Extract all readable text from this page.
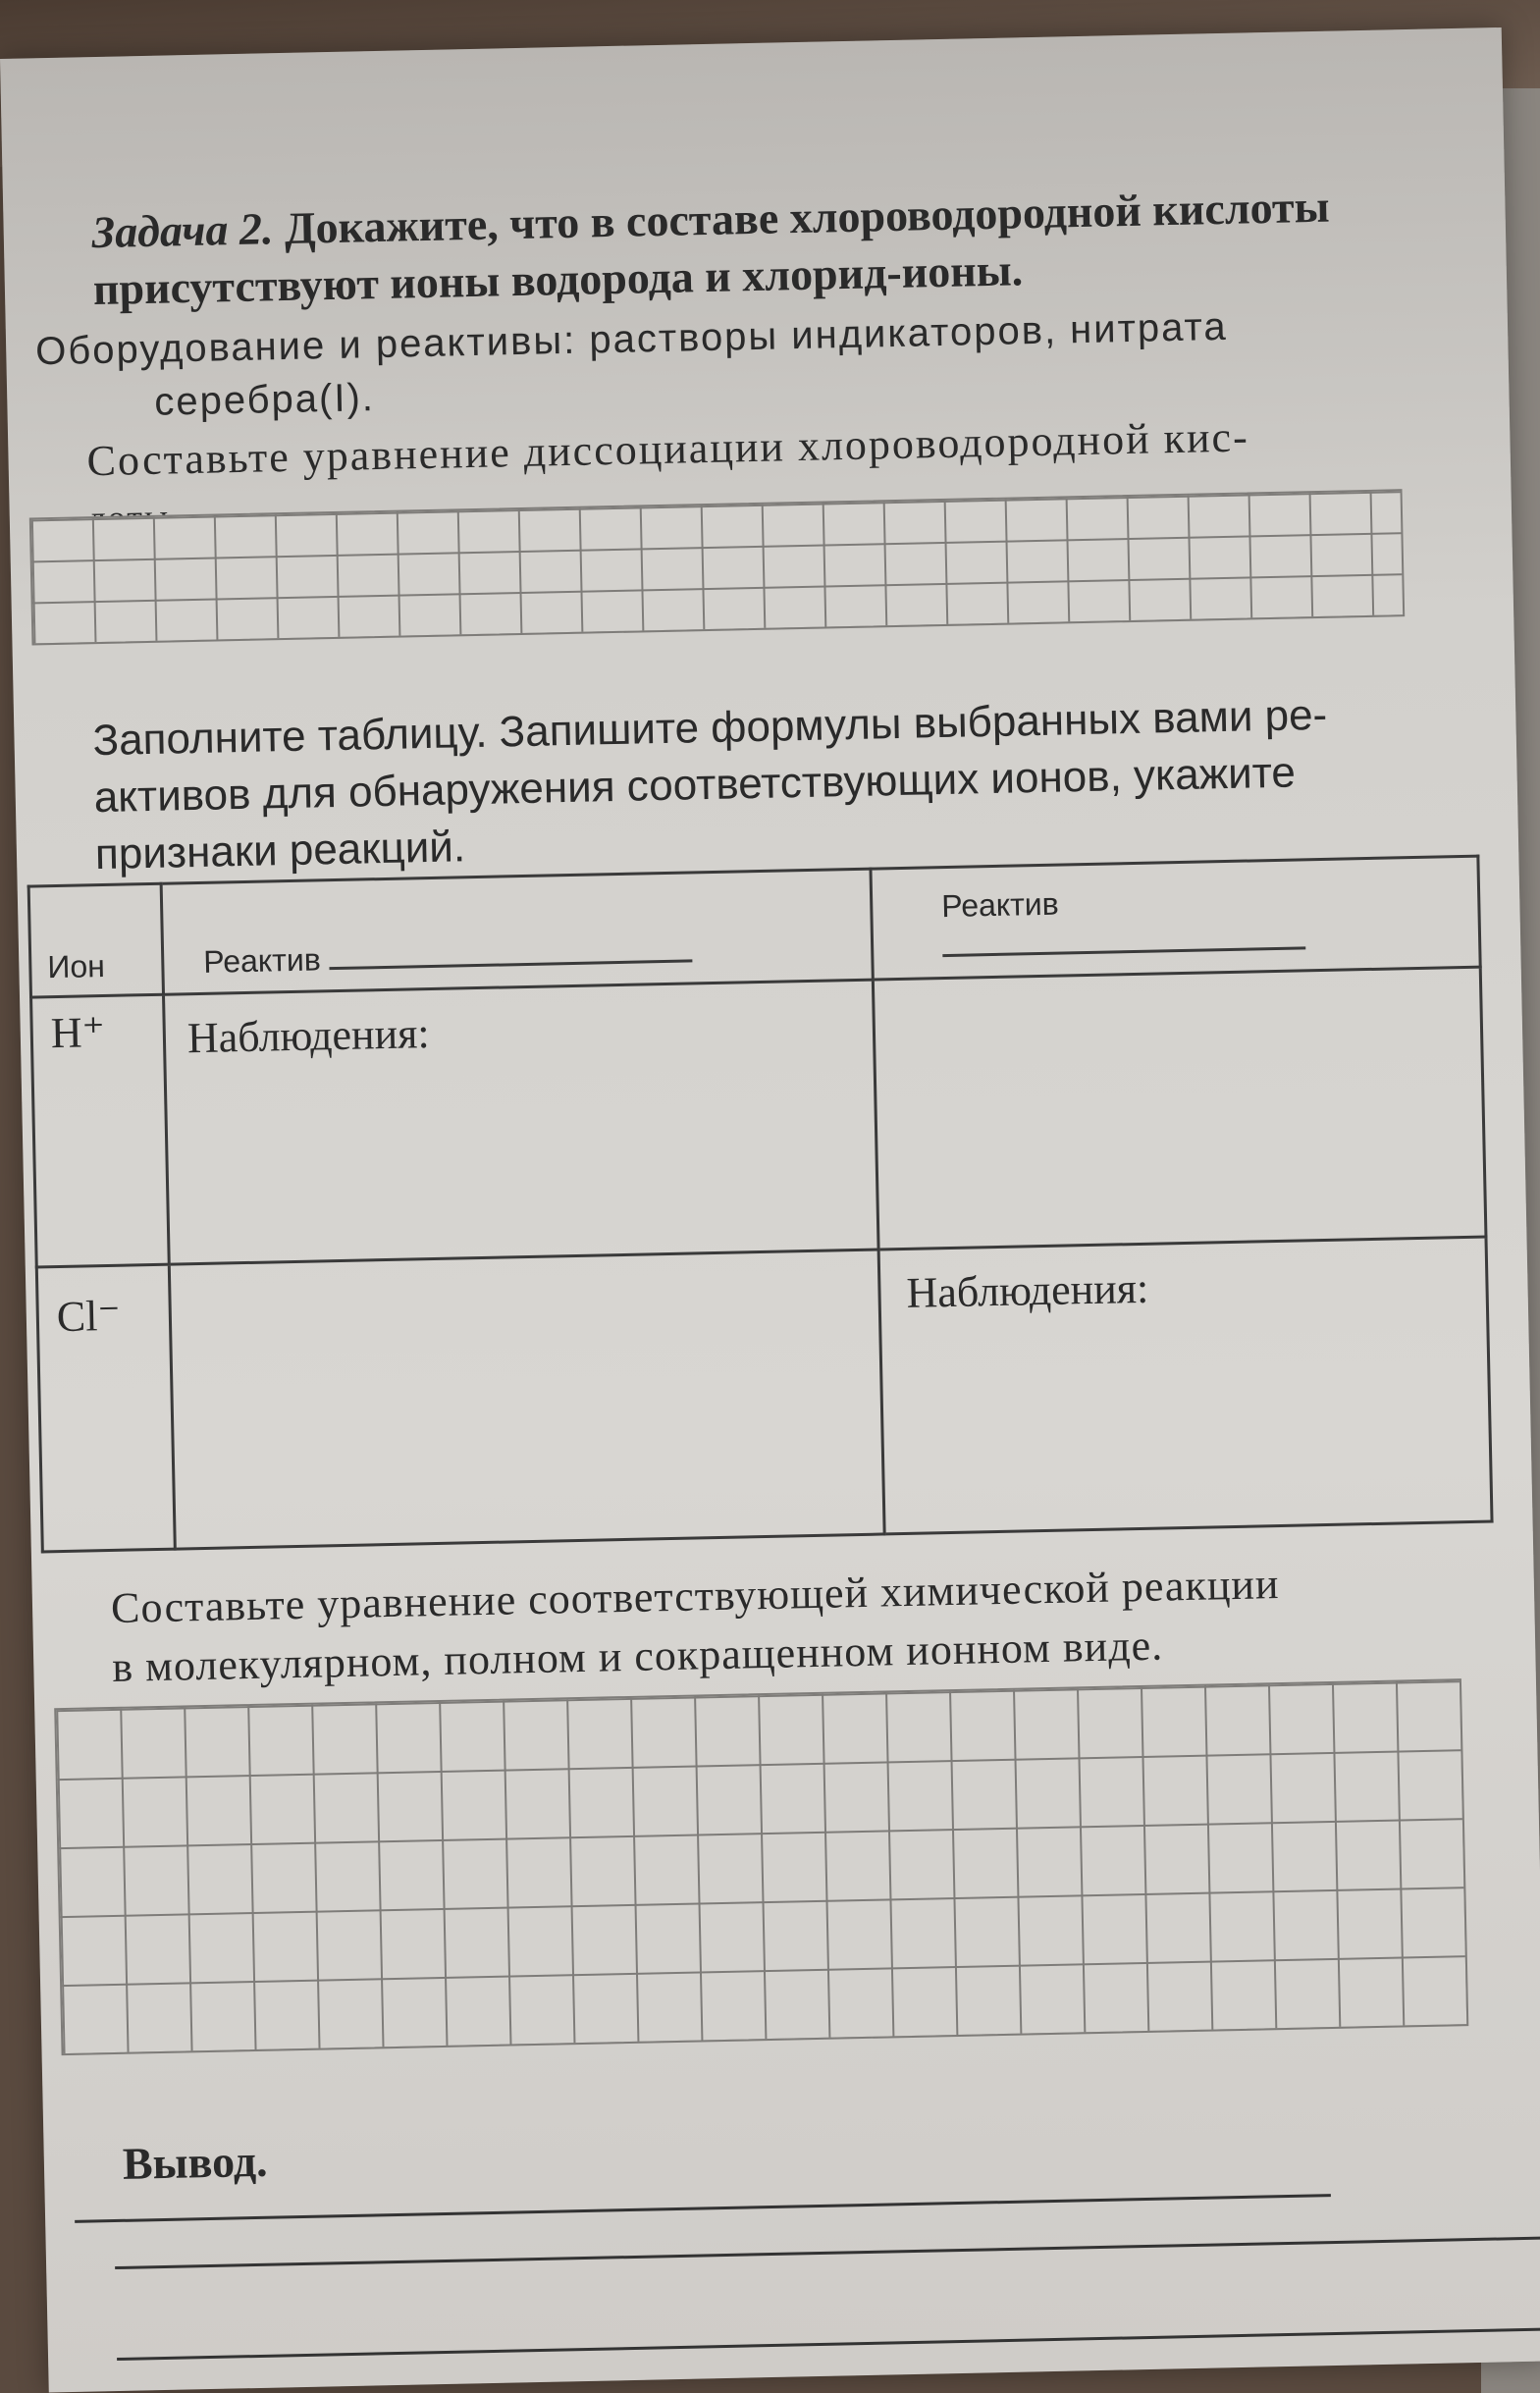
Задача 2. Докажите, что в составе хлороводородной кислоты
присутствуют ионы водорода и хлорид-ионы.
Оборудование и реактивы: растворы индикаторов, нитрата
серебра(I).
Составьте уравнение диссоциации хлороводородной кис-

Заполните таблицу. Запишите формулы выбранных вами ре-
активов для обнаружения соответствующих ионов, укажите
признаки реакций.
Ион	Реактив	Реактив
H⁺	Наблюдения:	
Cl⁻		Наблюдения:
Составьте уравнение соответствующей химической реакции
в молекулярном, полном и сокращенном ионном виде.
Вывод.
